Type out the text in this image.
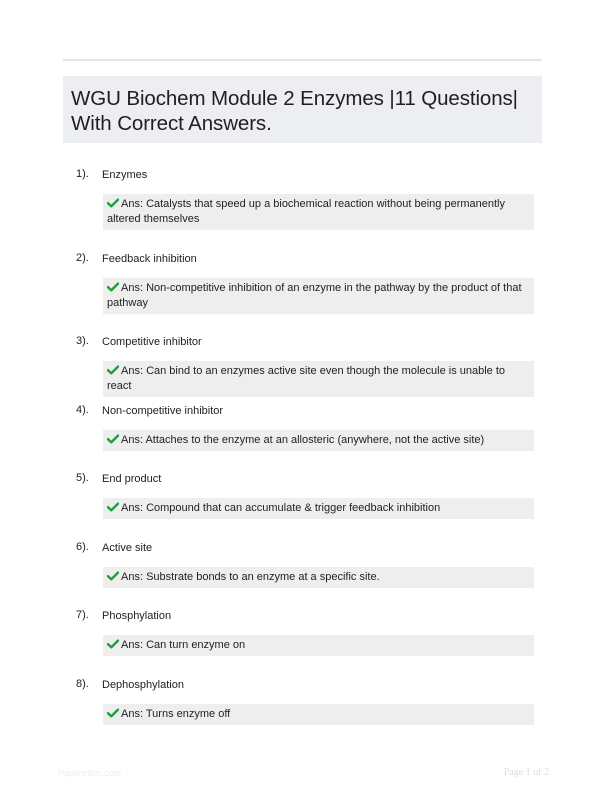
WGU Biochem Module 2 Enzymes |11 Questions| With Correct Answers.
1). Enzymes
Ans: Catalysts that speed up a biochemical reaction without being permanently altered themselves
2). Feedback inhibition
Ans: Non-competitive inhibition of an enzyme in the pathway by the product of that pathway
3). Competitive inhibitor
Ans: Can bind to an enzymes active site even though the molecule is unable to react
4). Non-competitive inhibitor
Ans: Attaches to the enzyme at an allosteric (anywhere, not the active site)
5). End product
Ans: Compound that can accumulate & trigger feedback inhibition
6). Active site
Ans: Substrate bonds to an enzyme at a specific site.
7). Phosphylation
Ans: Can turn enzyme on
8). Dephosphylation
Ans: Turns enzyme off
Papertrtbic.com	Page 1 of 2
